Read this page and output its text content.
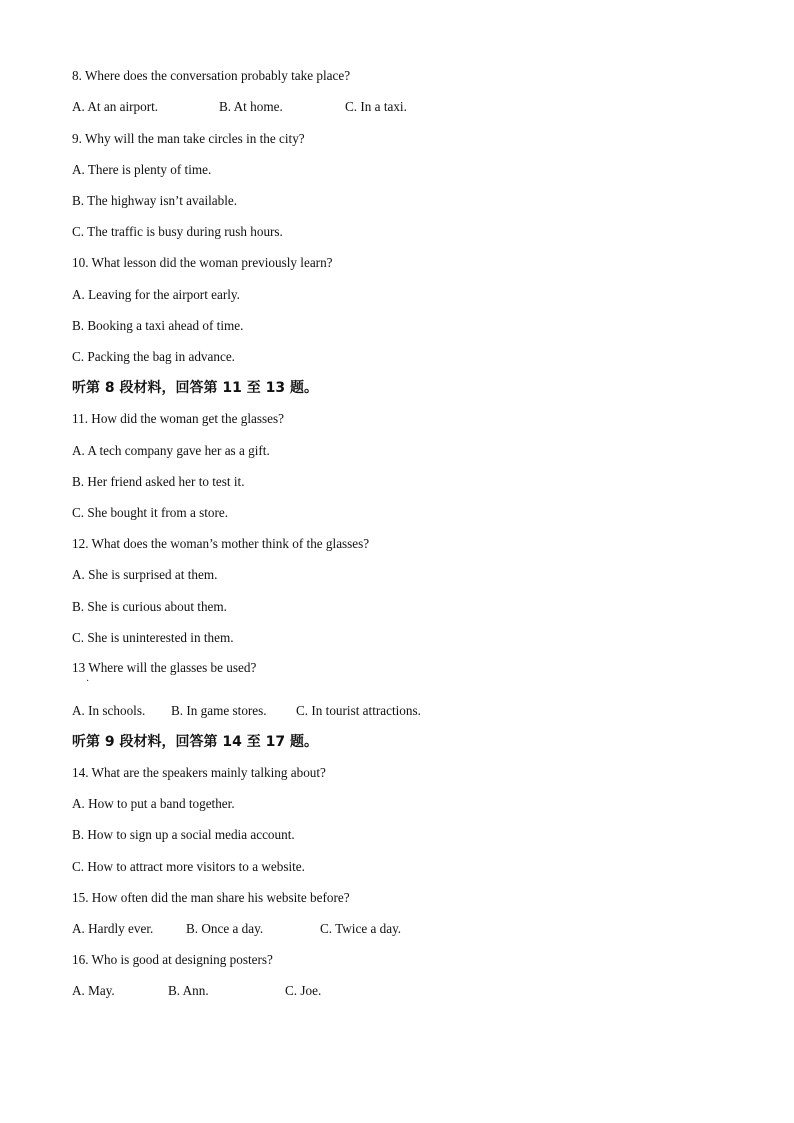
8. Where does the conversation probably take place?
A. At an airport.	B. At home.	C. In a taxi.
9. Why will the man take circles in the city?
A. There is plenty of time.
B. The highway isn’t available.
C. The traffic is busy during rush hours.
10. What lesson did the woman previously learn?
A. Leaving for the airport early.
B. Booking a taxi ahead of time.
C. Packing the bag in advance.
听第 8 段材料，回答第 11 至 13 题。
11. How did the woman get the glasses?
A. A tech company gave her as a gift.
B. Her friend asked her to test it.
C. She bought it from a store.
12. What does the woman’s mother think of the glasses?
A. She is surprised at them.
B. She is curious about them.
C. She is uninterested in them.
13 Where will the glasses be used?
·
A. In schools. B. In game stores. C. In tourist attractions.
听第 9 段材料，回答第 14 至 17 题。
14. What are the speakers mainly talking about?
A. How to put a band together.
B. How to sign up a social media account.
C. How to attract more visitors to a website.
15. How often did the man share his website before?
A. Hardly ever. B. Once a day.	C. Twice a day.
16. Who is good at designing posters?
A. May.	B. Ann.	C. Joe.
